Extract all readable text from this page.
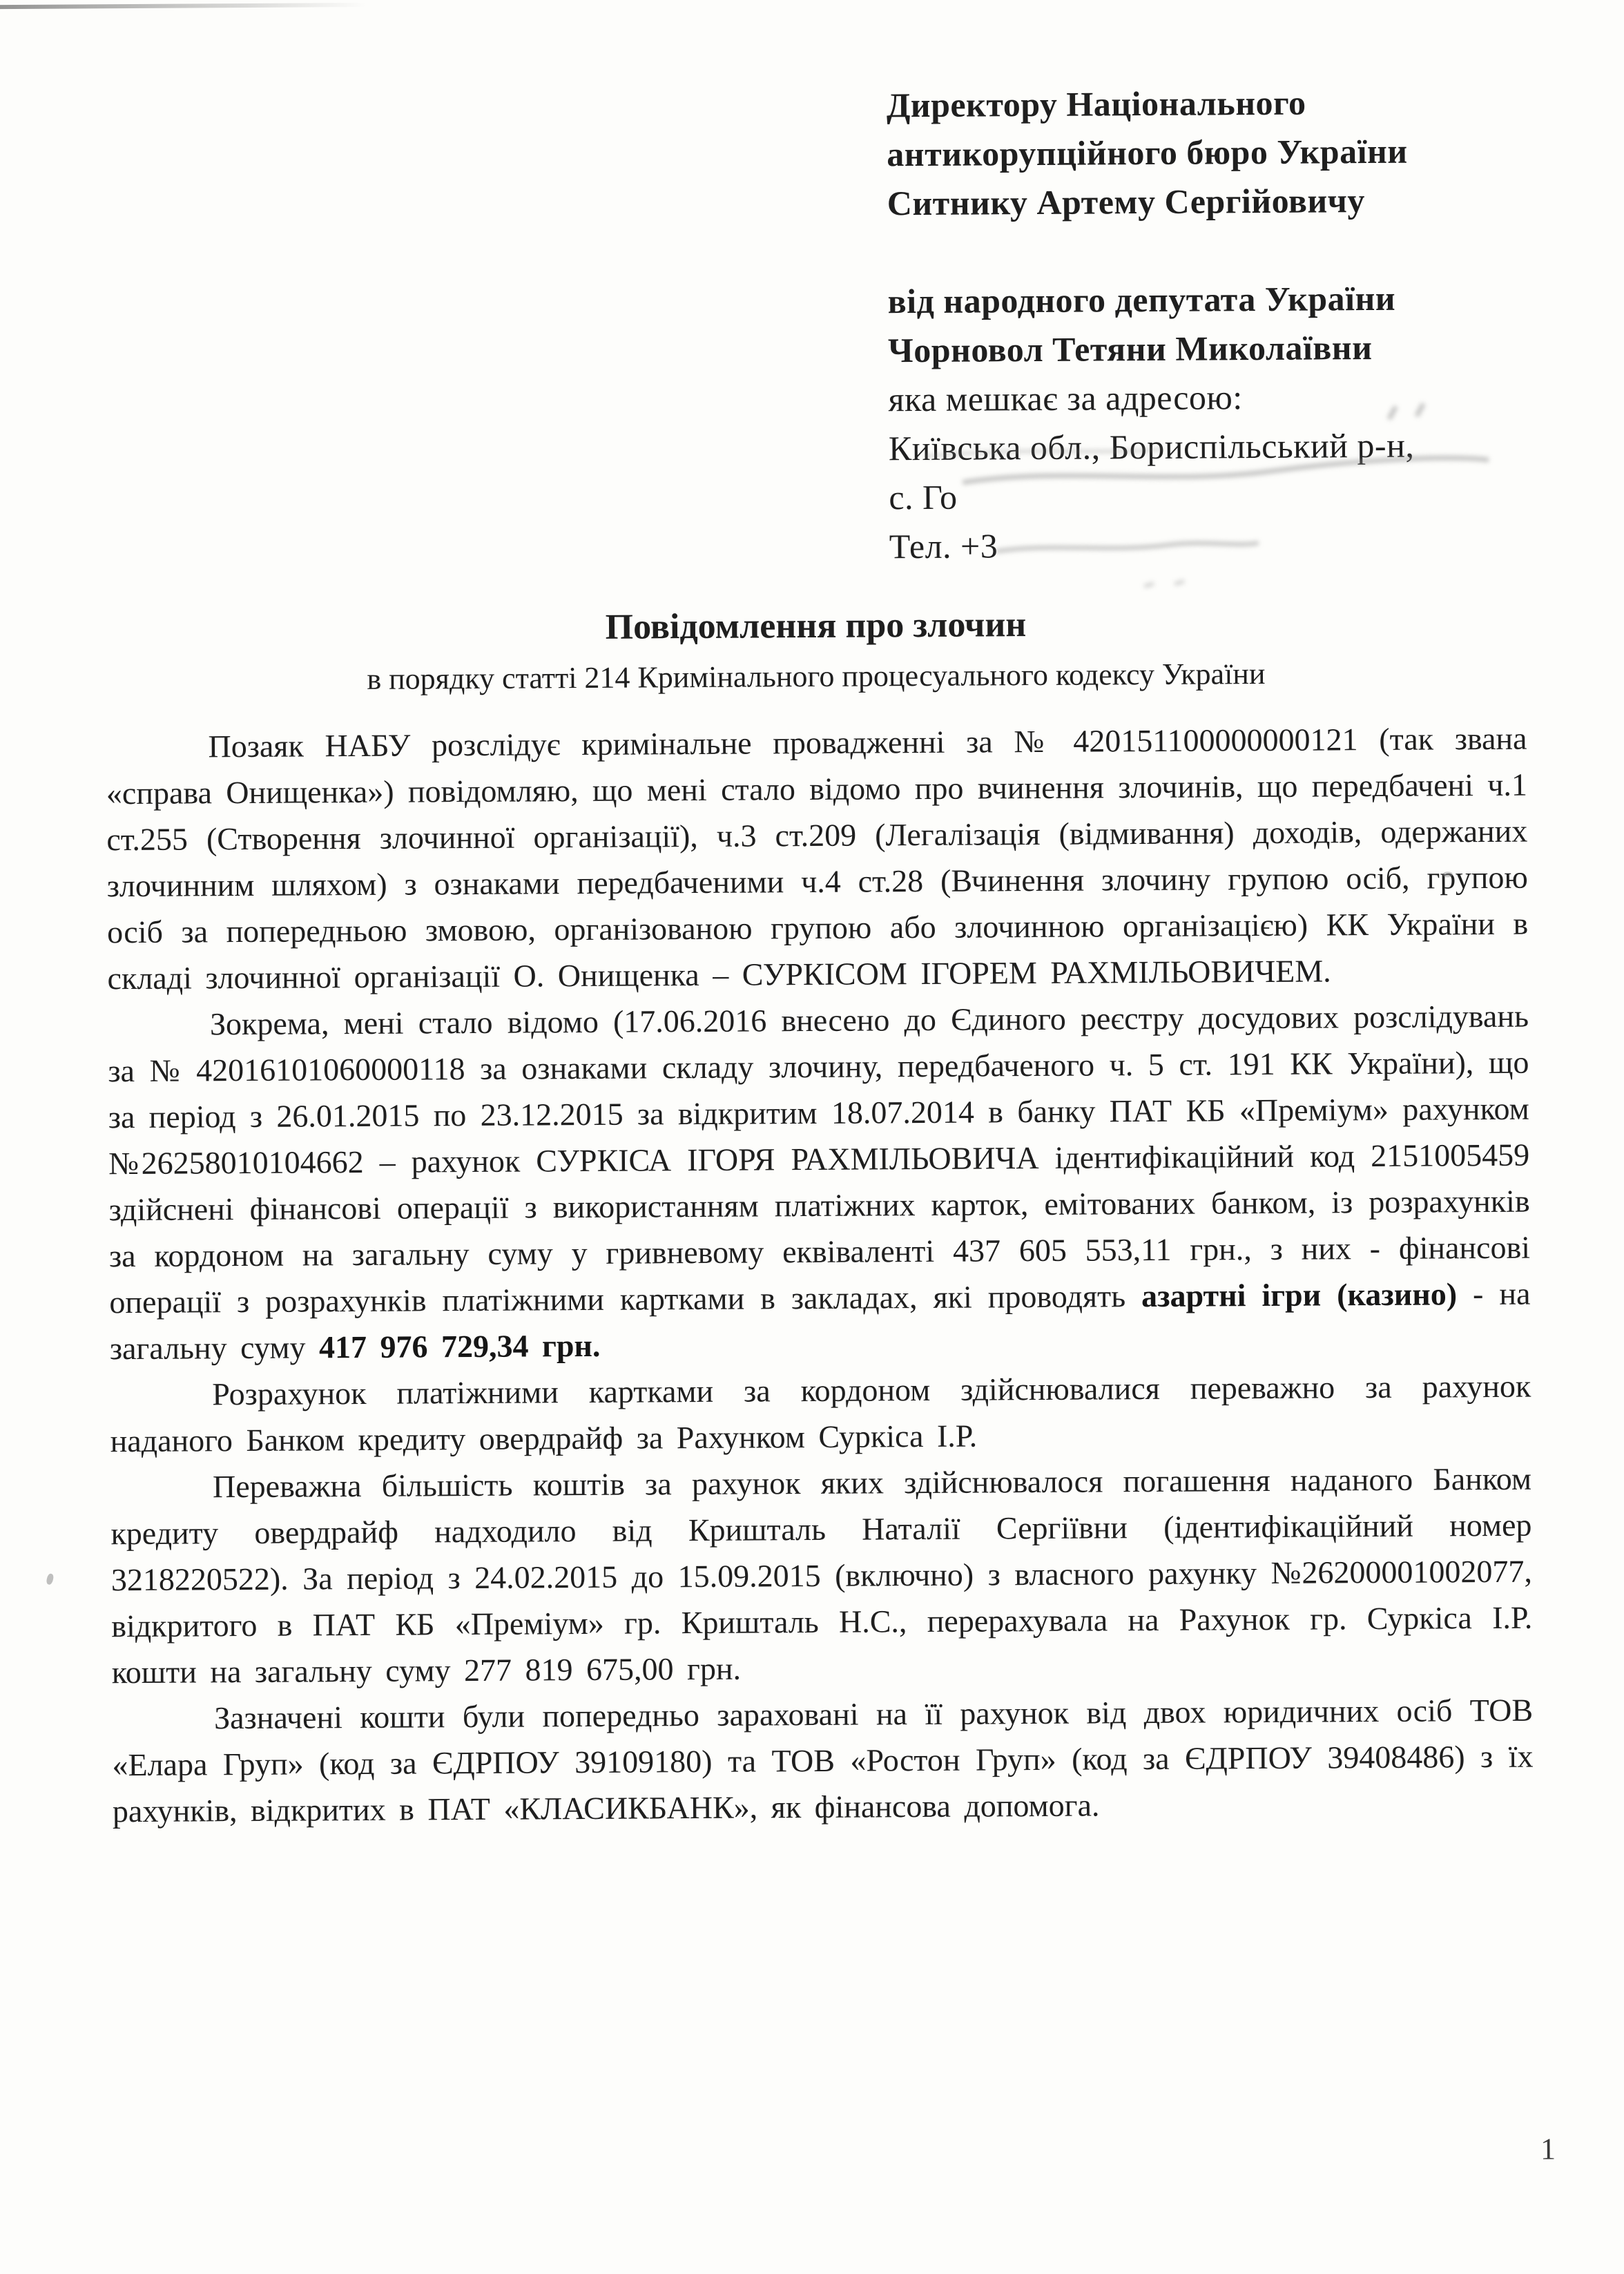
Директору Національного
антикорупційного бюро України
Ситнику Артему Сергійовичу
від народного депутата України
Чорновол Тетяни Миколаївни
яка мешкає за адресою:
Київська обл., Бориспільський р-н,
с. Го
Тел. +3
Повідомлення про злочин
в порядку статті 214 Кримінального процесуального кодексу України

Позаяк НАБУ розслідує кримінальне провадженні за № 420151100000000121 (так звана «справа Онищенка») повідомляю, що мені стало відомо про вчинення злочинів, що передбачені ч.1 ст.255 (Створення злочинної організації), ч.3 ст.209 (Легалізація (відмивання) доходів, одержаних злочинним шляхом) з ознаками передбаченими ч.4 ст.28 (Вчинення злочину групою осіб, групою осіб за попередньою змовою, організованою групою або злочинною організацією) КК України в складі злочинної організації О. Онищенка – СУРКІСОМ ІГОРЕМ РАХМІЛЬОВИЧЕМ.

Зокрема, мені стало відомо (17.06.2016 внесено до Єдиного реєстру досудових розслідувань за № 42016101060000118 за ознаками складу злочину, передбаченого ч. 5 ст. 191 КК України), що за період з 26.01.2015 по 23.12.2015 за відкритим 18.07.2014 в банку ПАТ КБ «Преміум» рахунком №26258010104662 – рахунок СУРКІСА ІГОРЯ РАХМІЛЬОВИЧА ідентифікаційний код 2151005459 здійснені фінансові операції з використанням платіжних карток, емітованих банком, із розрахунків за кордоном на загальну суму у гривневому еквіваленті 437 605 553,11 грн., з них - фінансові операції з розрахунків платіжними картками в закладах, які проводять азартні ігри (казино) - на загальну суму 417 976 729,34 грн.

Розрахунок платіжними картками за кордоном здійснювалися переважно за рахунок наданого Банком кредиту овердрайф за Рахунком Суркіса І.Р.

Переважна більшість коштів за рахунок яких здійснювалося погашення наданого Банком кредиту овердрайф надходило від Кришталь Наталії Сергіївни (ідентифікаційний номер 3218220522). За період з 24.02.2015 до 15.09.2015 (включно) з власного рахунку №26200001002077, відкритого в ПАТ КБ «Преміум» гр. Кришталь Н.С., перерахувала на Рахунок гр. Суркіса І.Р. кошти на загальну суму 277 819 675,00 грн.

Зазначені кошти були попередньо зараховані на її рахунок від двох юридичних осіб ТОВ «Елара Груп» (код за ЄДРПОУ 39109180) та ТОВ «Ростон Груп» (код за ЄДРПОУ 39408486) з їх рахунків, відкритих в ПАТ «КЛАСИКБАНК», як фінансова допомога.

1
